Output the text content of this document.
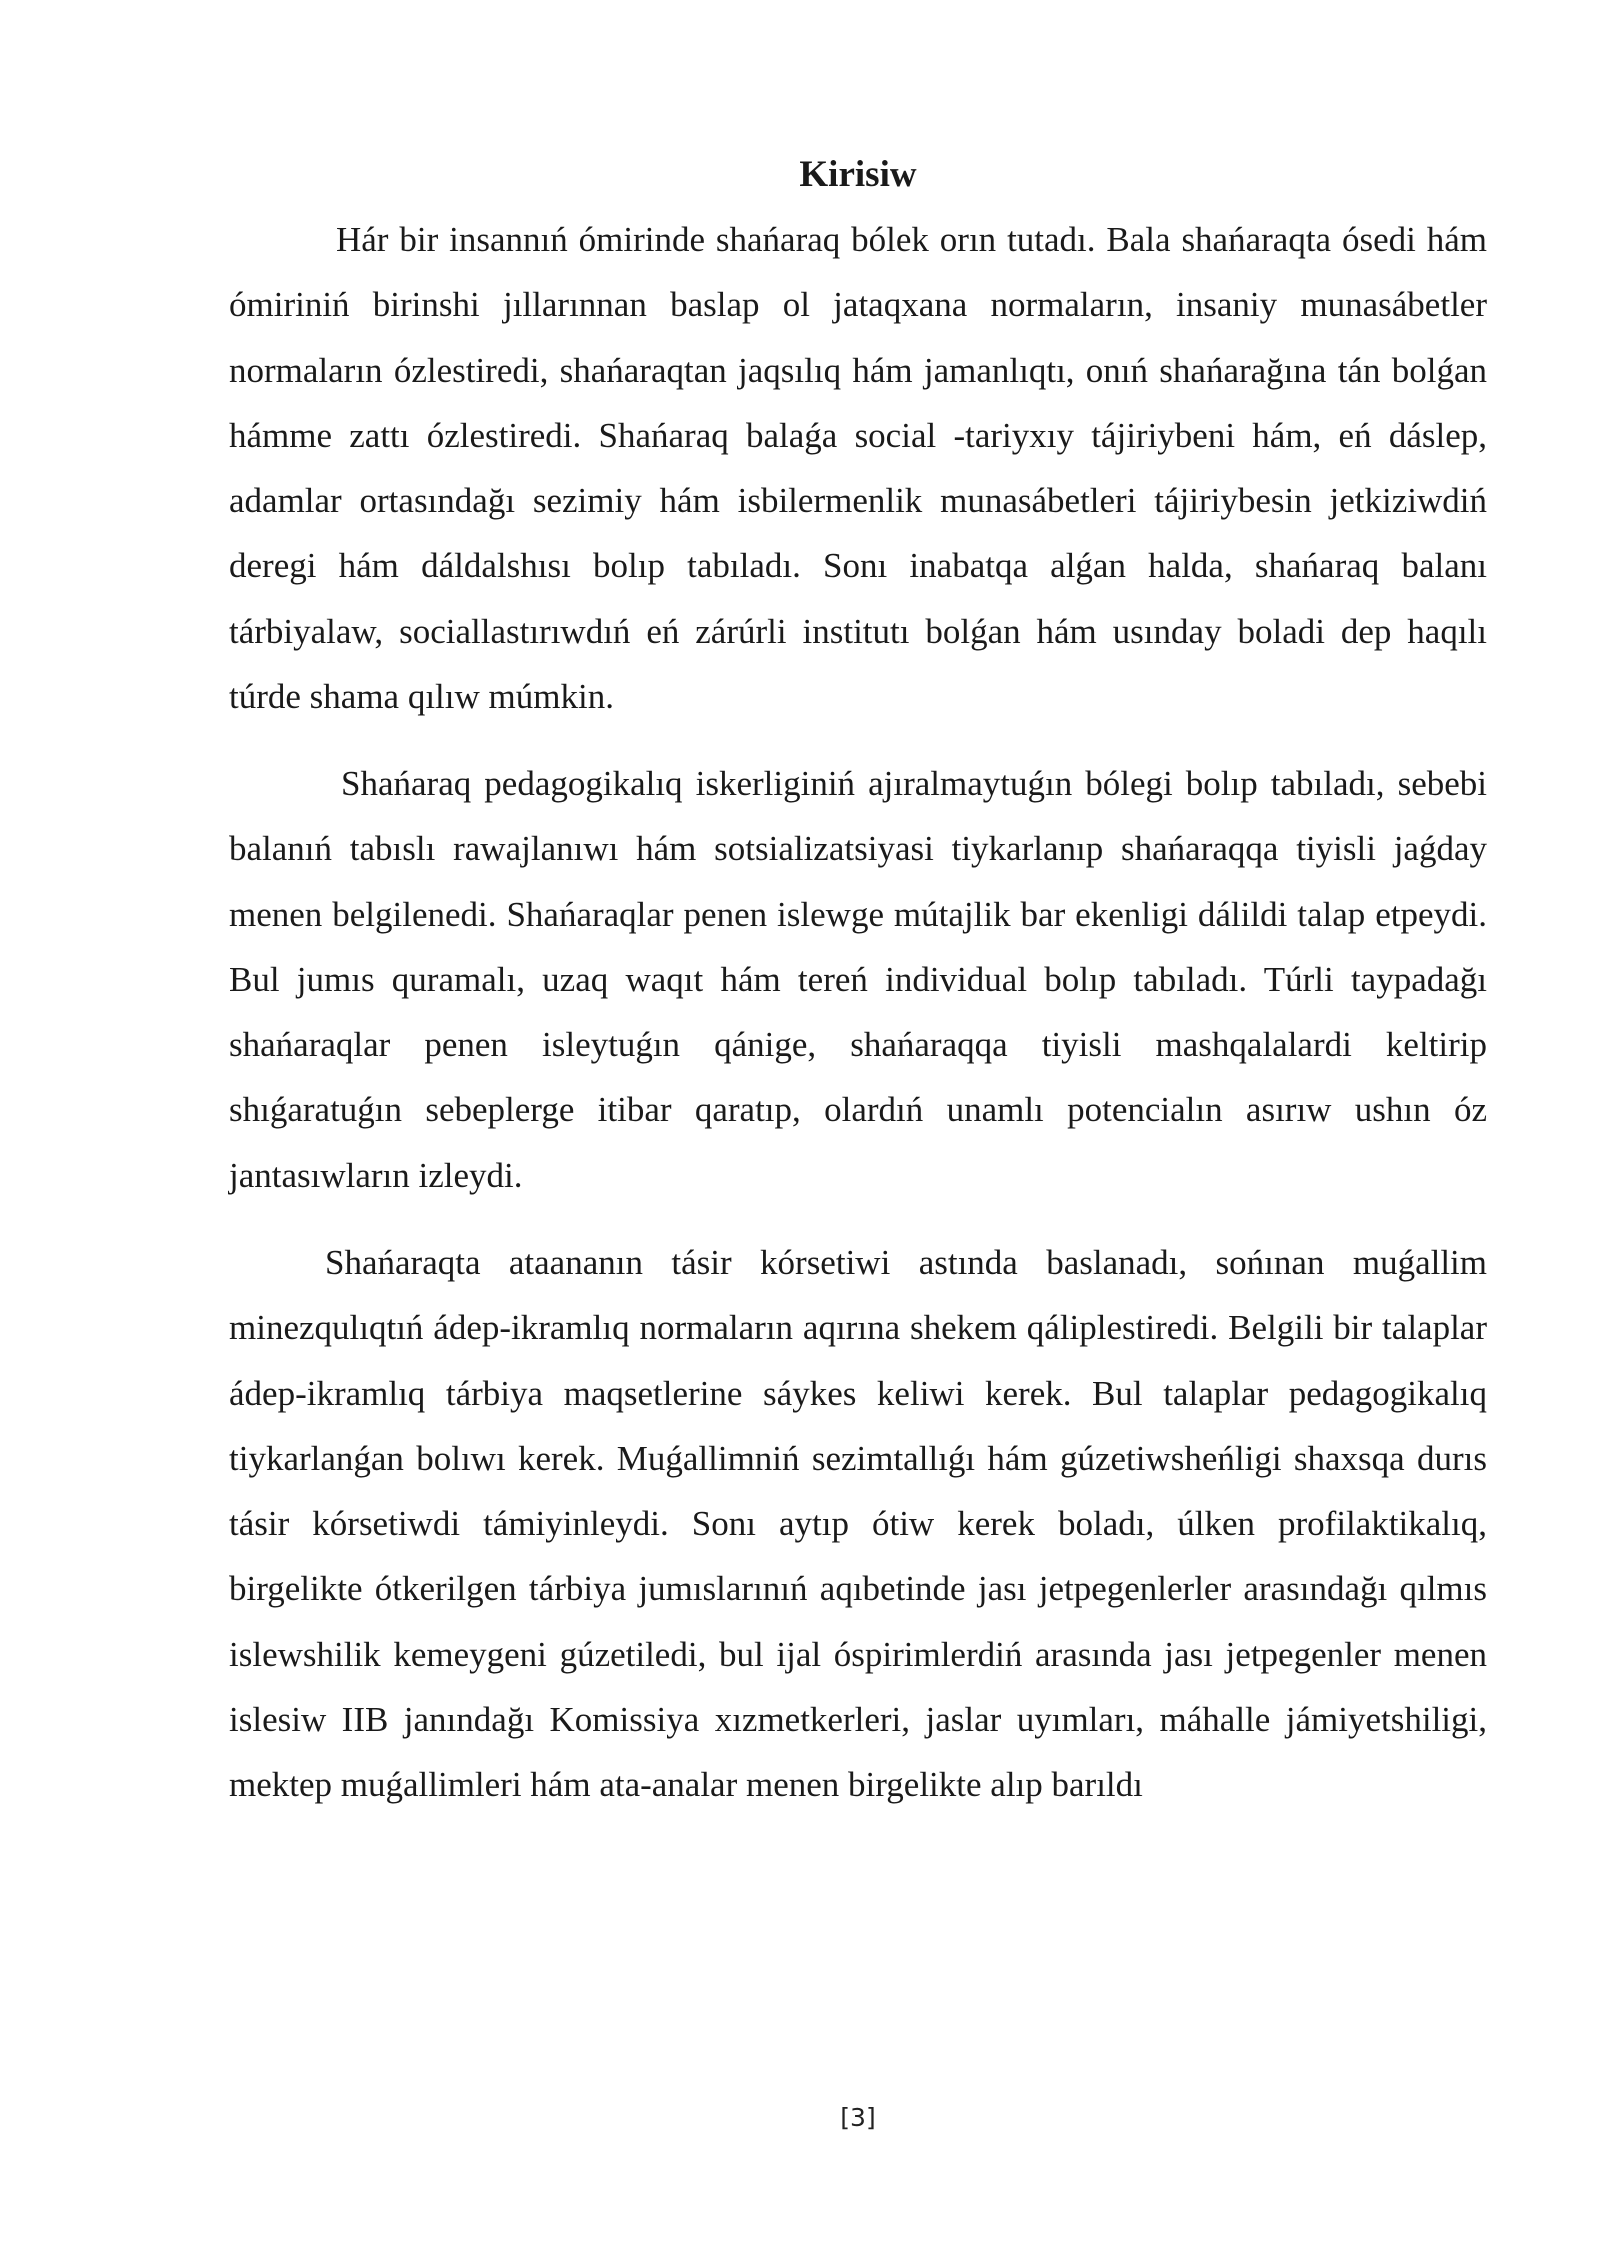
Kirisiw

Hár bir insannıń ómirinde shańaraq bólek orın tutadı. Bala shańaraqta ósedi hám ómiriniń birinshi jıllarınnan baslap ol jataqxana normaların, insaniy munasábetler normaların ózlestiredi, shańaraqtan jaqsılıq hám jamanlıqtı, onıń shańarağına tán bolǵan hámme zattı ózlestiredi. Shańaraq balaǵa social -tariyxıy tájiriybeni hám, eń dáslep, adamlar ortasındağı sezimiy hám isbilermenlik munasábetleri tájiriybesin jetkiziwdiń deregi hám dáldalshısı bolıp tabıladı. Sonı inabatqa alǵan halda, shańaraq balanı tárbiyalaw, sociallastırıwdıń eń zárúrli institutı bolǵan hám usınday boladi dep haqılı túrde shama qılıw múmkin.

Shańaraq pedagogikalıq iskerliginiń ajıralmaytuǵın bólegi bolıp tabıladı, sebebi balanıń tabıslı rawajlanıwı hám sotsializatsiyasi tiykarlanıp shańaraqqa tiyisli jaǵday menen belgilenedi. Shańaraqlar penen islewge mútajlik bar ekenligi dálildi talap etpeydi. Bul jumıs quramalı, uzaq waqıt hám tereń individual bolıp tabıladı. Túrli taypadağı shańaraqlar penen isleytuǵın qánige, shańaraqqa tiyisli mashqalalardi keltirip shıǵaratuǵın sebeplerge itibar qaratıp, olardıń unamlı potencialın asırıw ushın óz jantasıwların izleydi.

Shańaraqta ataananın tásir kórsetiwi astında baslanadı, sońınan muǵallim minezqulıqtıń ádep-ikramlıq normaların aqırına shekem qáliplestiredi. Belgili bir talaplar ádep-ikramlıq tárbiya maqsetlerine sáykes keliwi kerek. Bul talaplar pedagogikalıq tiykarlanǵan bolıwı kerek. Muǵallimniń sezimtallıǵı hám gúzetiwsheńligi shaxsqa durıs tásir kórsetiwdi támiyinleydi. Sonı aytıp ótiw kerek boladı, úlken profilaktikalıq, birgelikte ótkerilgen tárbiya jumıslarınıń aqıbetinde jası jetpegenlerler arasındağı qılmıs islewshilik kemeygeni gúzetiledi, bul ijal óspirimlerdiń arasında jası jetpegenler menen islesiw IIB janındağı Komissiya xızmetkerleri, jaslar uyımları, máhalle jámiyetshiligi, mektep muǵallimleri hám ata-analar menen birgelikte alıp barıldı

[3]
